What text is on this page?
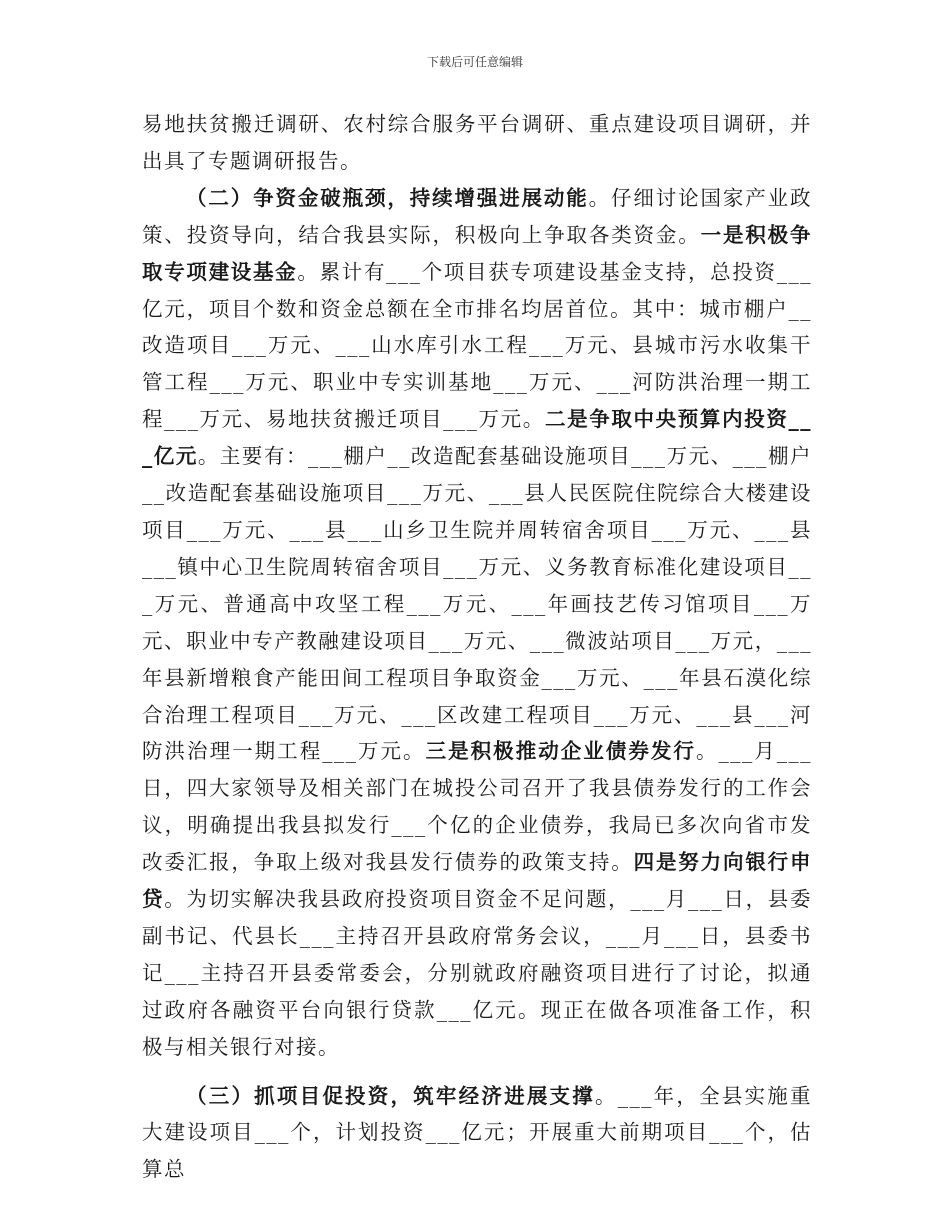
下载后可任意编辑

易地扶贫搬迁调研、农村综合服务平台调研、重点建设项目调研，并出具了专题调研报告。

（二）争资金破瓶颈，持续增强进展动能。仔细讨论国家产业政策、投资导向，结合我县实际，积极向上争取各类资金。一是积极争取专项建设基金。累计有___个项目获专项建设基金支持，总投资___亿元，项目个数和资金总额在全市排名均居首位。其中：城市棚户__改造项目___万元、___山水库引水工程___万元、县城市污水收集干管工程___万元、职业中专实训基地___万元、___河防洪治理一期工程___万元、易地扶贫搬迁项目___万元。二是争取中央预算内投资___亿元。主要有：___棚户__改造配套基础设施项目___万元、___棚户__改造配套基础设施项目___万元、___县人民医院住院综合大楼建设项目___万元、___县___山乡卫生院并周转宿舍项目___万元、___县___镇中心卫生院周转宿舍项目___万元、义务教育标准化建设项目___万元、普通高中攻坚工程___万元、___年画技艺传习馆项目___万元、职业中专产教融建设项目___万元、___微波站项目___万元，___年县新增粮食产能田间工程项目争取资金___万元、___年县石漠化综合治理工程项目___万元、___区改建工程项目___万元、___县___河防洪治理一期工程___万元。三是积极推动企业债券发行。___月___日，四大家领导及相关部门在城投公司召开了我县债券发行的工作会议，明确提出我县拟发行___个亿的企业债券，我局已多次向省市发改委汇报，争取上级对我县发行债券的政策支持。四是努力向银行申贷。为切实解决我县政府投资项目资金不足问题，___月___日，县委副书记、代县长___主持召开县政府常务会议，___月___日，县委书记___主持召开县委常委会，分别就政府融资项目进行了讨论，拟通过政府各融资平台向银行贷款___亿元。现正在做各项准备工作，积极与相关银行对接。

（三）抓项目促投资，筑牢经济进展支撑。___年，全县实施重大建设项目___个，计划投资___亿元；开展重大前期项目___个，估算总
